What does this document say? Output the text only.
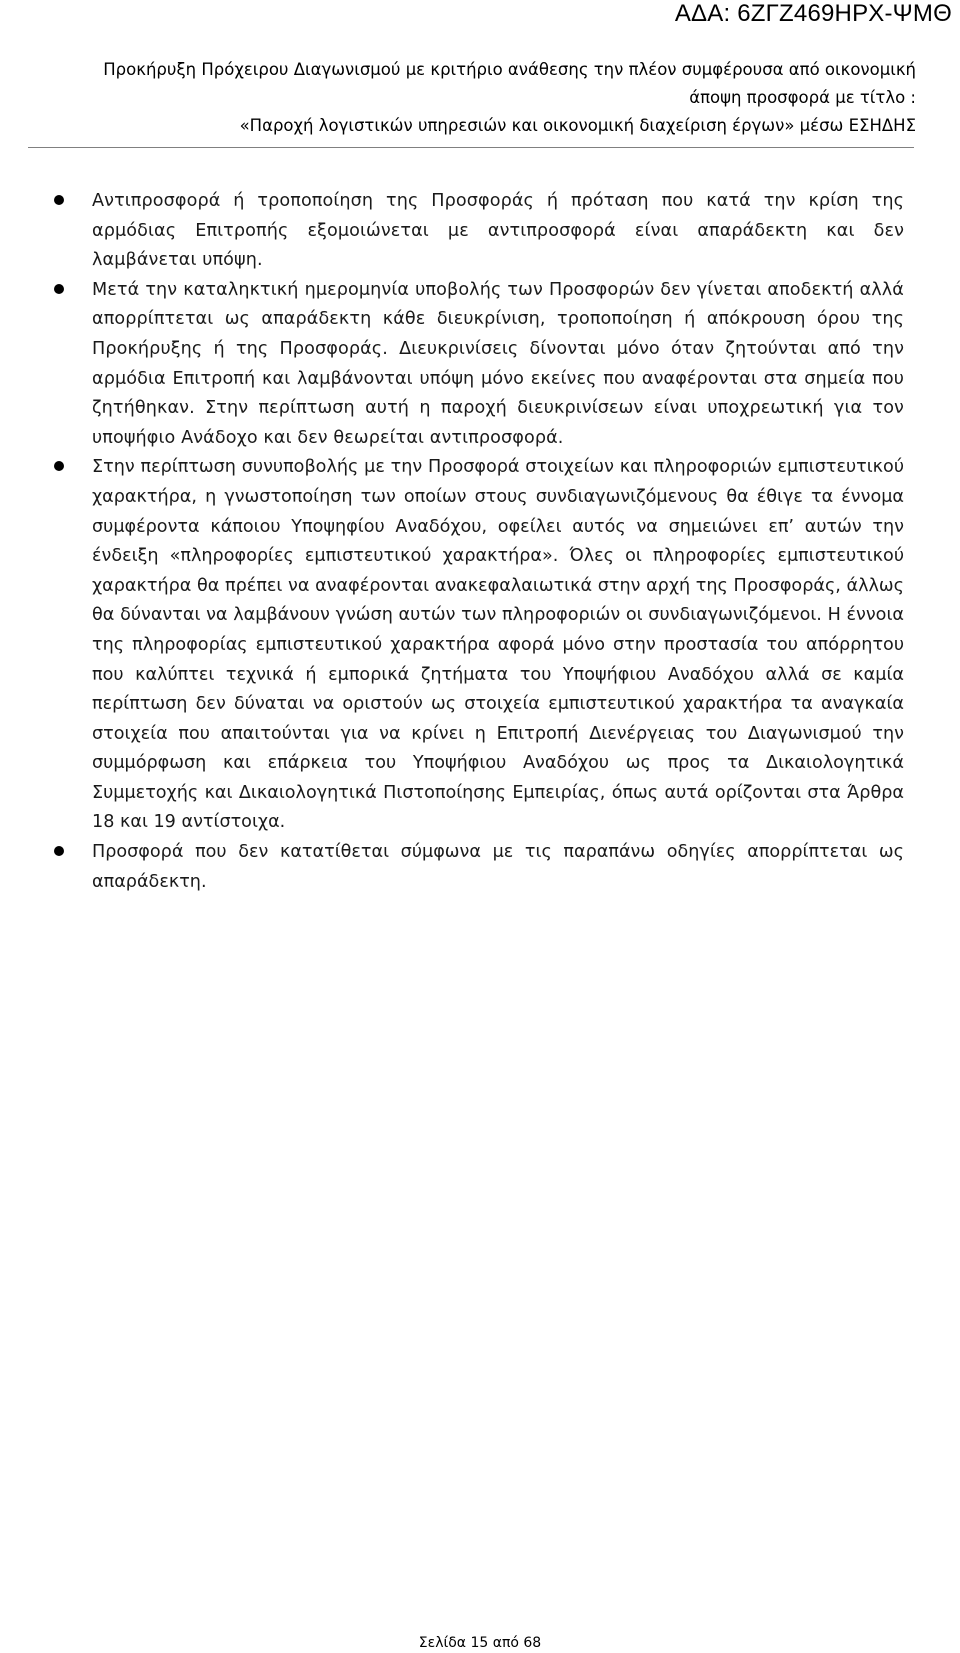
ΑΔΑ: 6ΖΓΖ469ΗΡΧ-ΨΜΘ
Προκήρυξη Πρόχειρου Διαγωνισμού με κριτήριο ανάθεσης την πλέον συμφέρουσα από οικονομική
άποψη προσφορά με τίτλο :
«Παροχή λογιστικών υπηρεσιών και οικονομική διαχείριση έργων» μέσω ΕΣΗΔΗΣ
Αντιπροσφορά ή τροποποίηση της Προσφοράς ή πρόταση που κατά την κρίση της αρμόδιας Επιτροπής εξομοιώνεται με αντιπροσφορά είναι απαράδεκτη και δεν λαμβάνεται υπόψη.
Μετά την καταληκτική ημερομηνία υποβολής των Προσφορών δεν γίνεται αποδεκτή αλλά απορρίπτεται ως απαράδεκτη κάθε διευκρίνιση, τροποποίηση ή απόκρουση όρου της Προκήρυξης ή της Προσφοράς. Διευκρινίσεις δίνονται μόνο όταν ζητούνται από την αρμόδια Επιτροπή και λαμβάνονται υπόψη μόνο εκείνες που αναφέρονται στα σημεία που ζητήθηκαν. Στην περίπτωση αυτή η παροχή διευκρινίσεων είναι υποχρεωτική για τον υποψήφιο Ανάδοχο και δεν θεωρείται αντιπροσφορά.
Στην περίπτωση συνυποβολής με την Προσφορά στοιχείων και πληροφοριών εμπιστευτικού χαρακτήρα, η γνωστοποίηση των οποίων στους συνδιαγωνιζόμενους θα έθιγε τα έννομα συμφέροντα κάποιου Υποψηφίου Αναδόχου, οφείλει αυτός να σημειώνει επ’ αυτών την ένδειξη «πληροφορίες εμπιστευτικού χαρακτήρα». Όλες οι πληροφορίες εμπιστευτικού χαρακτήρα θα πρέπει να αναφέρονται ανακεφαλαιωτικά στην αρχή της Προσφοράς, άλλως θα δύνανται να λαμβάνουν γνώση αυτών των πληροφοριών οι συνδιαγωνιζόμενοι. Η έννοια της πληροφορίας εμπιστευτικού χαρακτήρα αφορά μόνο στην προστασία του απόρρητου που καλύπτει τεχνικά ή εμπορικά ζητήματα του Υποψήφιου Αναδόχου αλλά σε καμία περίπτωση δεν δύναται να οριστούν ως στοιχεία εμπιστευτικού χαρακτήρα τα αναγκαία στοιχεία που απαιτούνται για να κρίνει η Επιτροπή Διενέργειας του Διαγωνισμού την συμμόρφωση και επάρκεια του Υποψήφιου Αναδόχου ως προς τα Δικαιολογητικά Συμμετοχής και Δικαιολογητικά Πιστοποίησης Εμπειρίας, όπως αυτά ορίζονται στα Άρθρα 18 και 19 αντίστοιχα.
Προσφορά που δεν κατατίθεται σύμφωνα με τις παραπάνω οδηγίες απορρίπτεται ως απαράδεκτη.
Σελίδα 15 από 68
